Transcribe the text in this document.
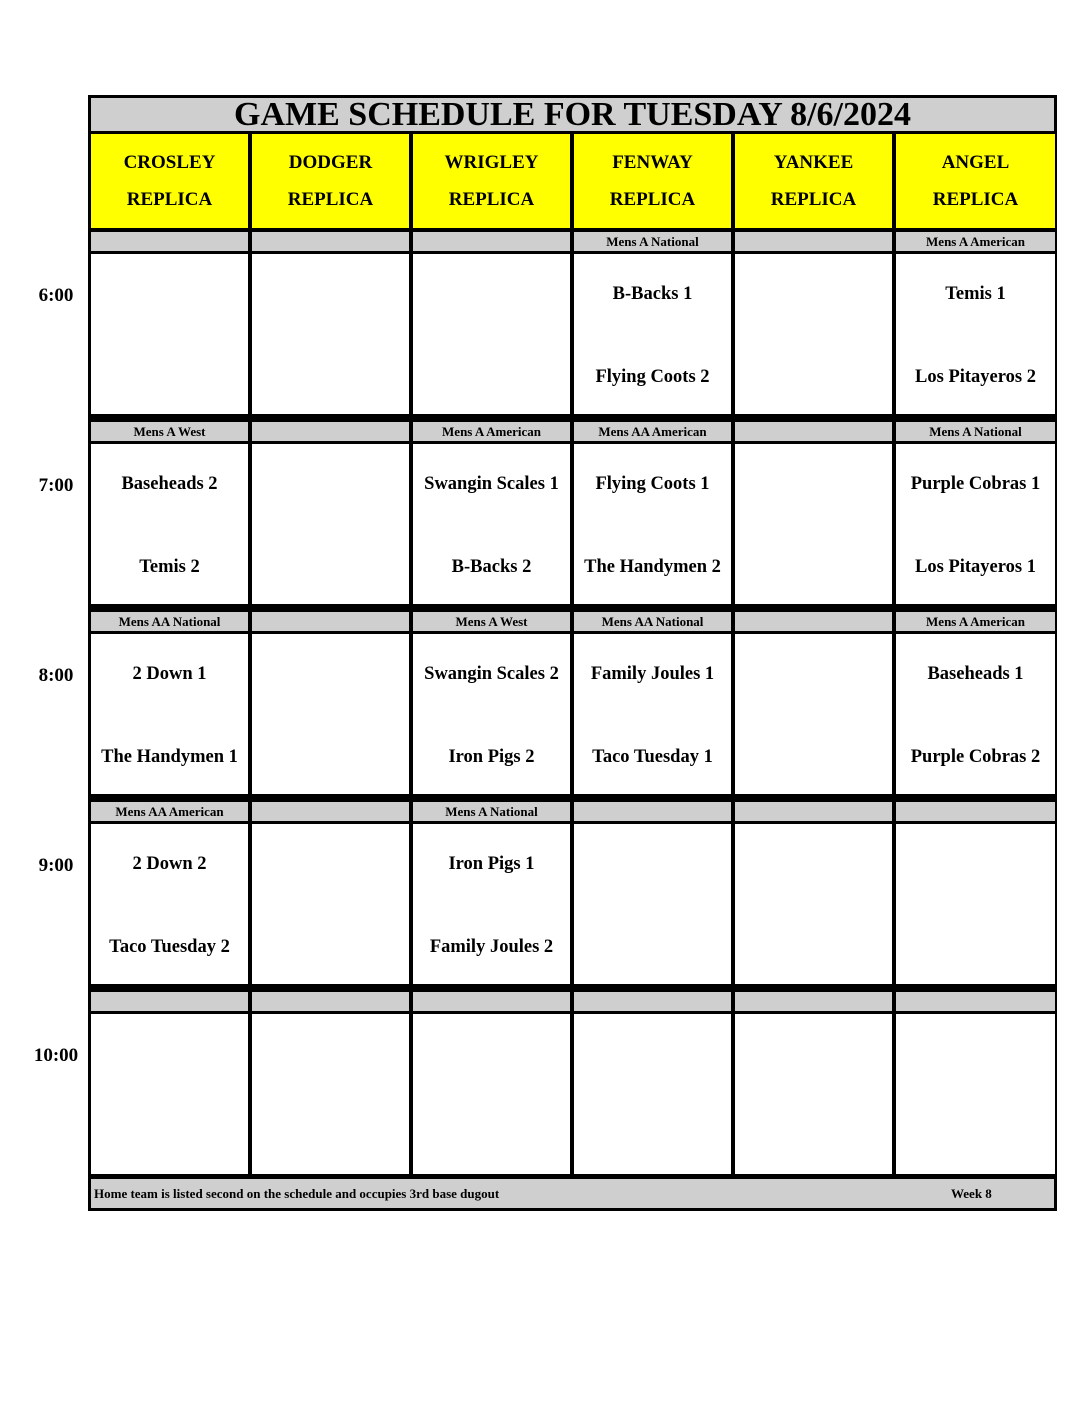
6:00
7:00
8:00
9:00
10:00
GAME SCHEDULE FOR TUESDAY 8/6/2024
CROSLEY
REPLICA
DODGER
REPLICA
WRIGLEY
REPLICA
FENWAY
REPLICA
YANKEE
REPLICA
ANGEL
REPLICA
Mens A National
B-Backs 1
Flying Coots 2
Mens A American
Temis 1
Los Pitayeros 2
Mens A West
Baseheads 2
Temis 2
Mens A American
Swangin Scales 1
B-Backs 2
Mens AA American
Flying Coots 1
The Handymen 2
Mens A National
Purple Cobras 1
Los Pitayeros 1
Mens AA National
2 Down 1
The Handymen 1
Mens A West
Swangin Scales 2
Iron Pigs 2
Mens AA National
Family Joules 1
Taco Tuesday 1
Mens A American
Baseheads 1
Purple Cobras 2
Mens AA American
2 Down 2
Taco Tuesday 2
Mens A National
Iron Pigs 1
Family Joules 2
Home team is listed second on the schedule and occupies 3rd base dugout	Week 8
